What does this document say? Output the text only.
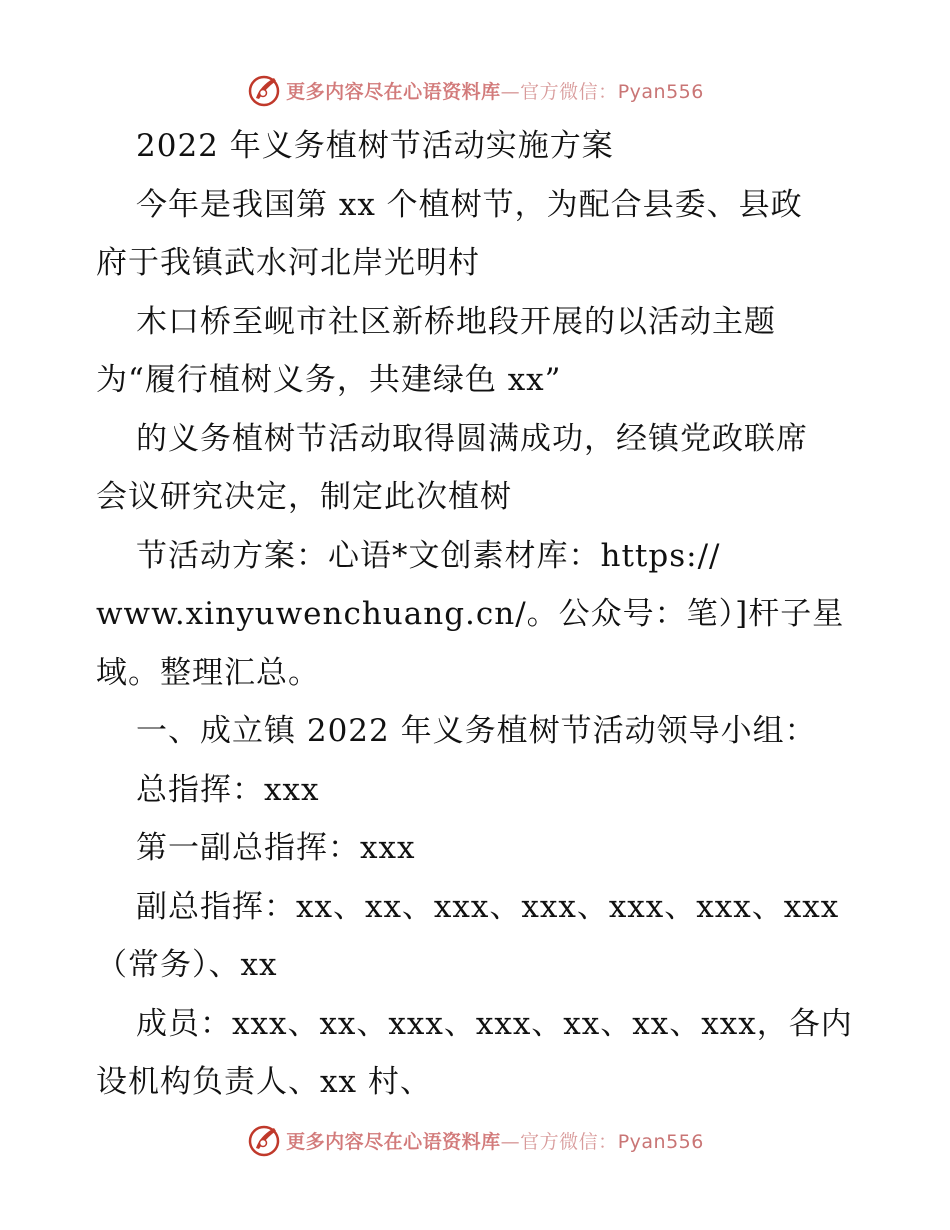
更多内容尽在心语资料库—官方微信：Pyan556
2022 年义务植树节活动实施方案
今年是我国第 xx 个植树节，为配合县委、县政
府于我镇武水河北岸光明村
木口桥至岘市社区新桥地段开展的以活动主题
为“履行植树义务，共建绿色 xx”
的义务植树节活动取得圆满成功，经镇党政联席
会议研究决定，制定此次植树
节活动方案：心语*文创素材库：https://
www.xinyuwenchuang.cn/。公众号：笔）]杆子星
域。整理汇总。
一、成立镇 2022 年义务植树节活动领导小组：
总指挥：xxx
第一副总指挥：xxx
副总指挥：xx、xx、xxx、xxx、xxx、xxx、xxx
（常务）、xx
成员：xxx、xx、xxx、xxx、xx、xx、xxx，各内
设机构负责人、xx 村、
更多内容尽在心语资料库—官方微信：Pyan556
